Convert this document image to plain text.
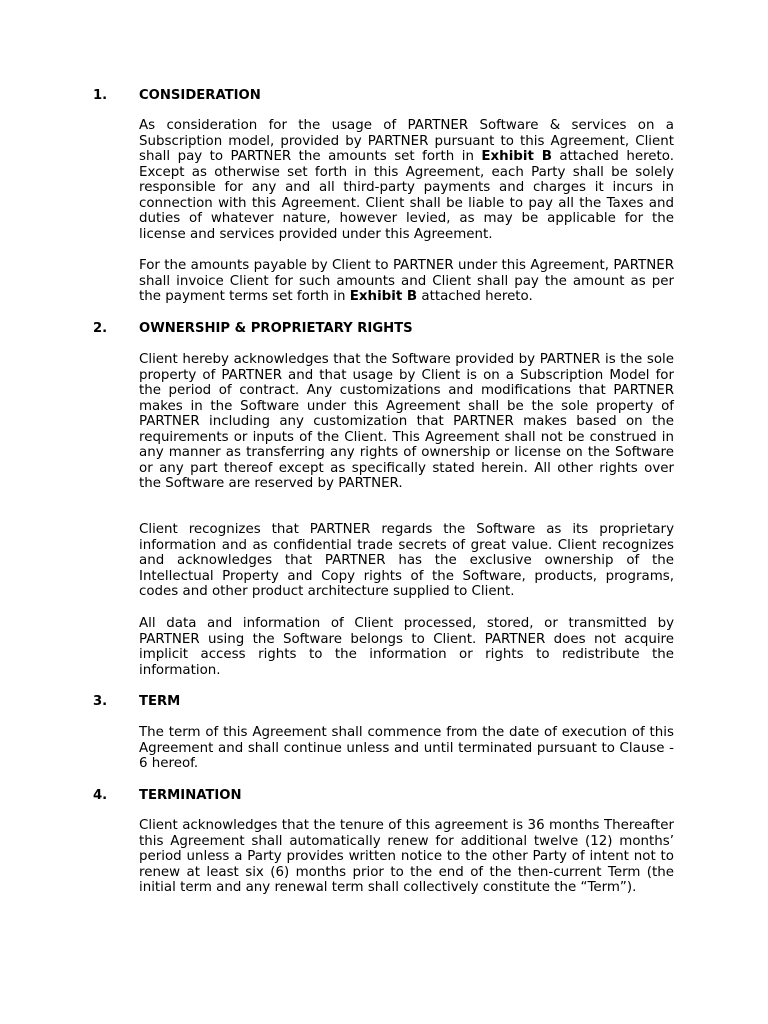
1.	CONSIDERATION

As consideration for the usage of PARTNER Software & services on a Subscription model, provided by PARTNER pursuant to this Agreement, Client shall pay to PARTNER the amounts set forth in Exhibit B attached hereto. Except as otherwise set forth in this Agreement, each Party shall be solely responsible for any and all third-party payments and charges it incurs in connection with this Agreement. Client shall be liable to pay all the Taxes and duties of whatever nature, however levied, as may be applicable for the license and services provided under this Agreement.

For the amounts payable by Client to PARTNER under this Agreement, PARTNER shall invoice Client for such amounts and Client shall pay the amount as per the payment terms set forth in Exhibit B attached hereto.

2.	OWNERSHIP & PROPRIETARY RIGHTS

Client hereby acknowledges that the Software provided by PARTNER is the sole property of PARTNER and that usage by Client is on a Subscription Model for the period of contract. Any customizations and modifications that PARTNER makes in the Software under this Agreement shall be the sole property of PARTNER including any customization that PARTNER makes based on the requirements or inputs of the Client. This Agreement shall not be construed in any manner as transferring any rights of ownership or license on the Software or any part thereof except as specifically stated herein. All other rights over the Software are reserved by PARTNER.

Client recognizes that PARTNER regards the Software as its proprietary information and as confidential trade secrets of great value. Client recognizes and acknowledges that PARTNER has the exclusive ownership of the Intellectual Property and Copy rights of the Software, products, programs, codes and other product architecture supplied to Client.

All data and information of Client processed, stored, or transmitted by PARTNER using the Software belongs to Client. PARTNER does not acquire implicit access rights to the information or rights to redistribute the information.

3.	TERM

The term of this Agreement shall commence from the date of execution of this Agreement and shall continue unless and until terminated pursuant to Clause - 6 hereof.

4.	TERMINATION

Client acknowledges that the tenure of this agreement is 36 months Thereafter this Agreement shall automatically renew for additional twelve (12) months’ period unless a Party provides written notice to the other Party of intent not to renew at least six (6) months prior to the end of the then-current Term (the initial term and any renewal term shall collectively constitute the “Term”).
